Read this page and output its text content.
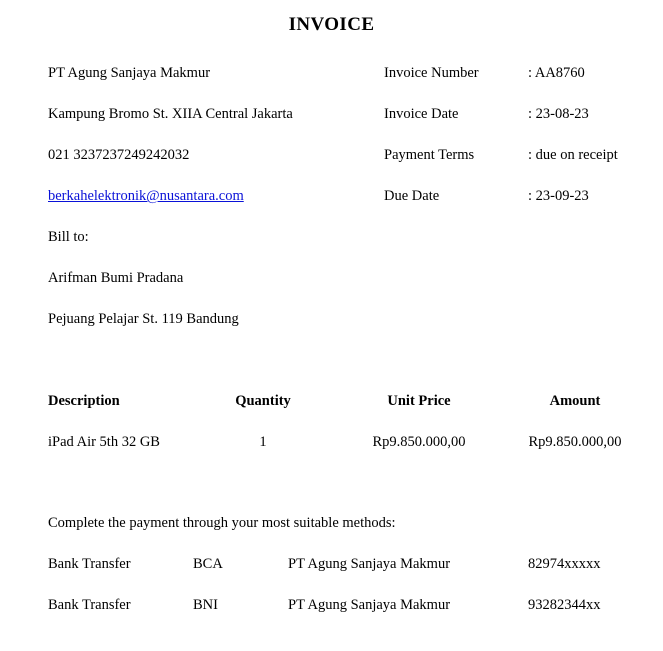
INVOICE
PT Agung Sanjaya Makmur	Invoice Number	: AA8760
Kampung Bromo St. XIIA Central Jakarta	Invoice Date	: 23-08-23
021 3237237249242032	Payment Terms	: due on receipt
berkahelektronik@nusantara.com	Due Date	: 23-09-23
Bill to:
Arifman Bumi Pradana
Pejuang Pelajar St. 119 Bandung
Description	Quantity	Unit Price	Amount
iPad Air 5th 32 GB	1	Rp9.850.000,00	Rp9.850.000,00
Complete the payment through your most suitable methods:
Bank Transfer	BCA	PT Agung Sanjaya Makmur	82974xxxxx
Bank Transfer	BNI	PT Agung Sanjaya Makmur	93282344xx
